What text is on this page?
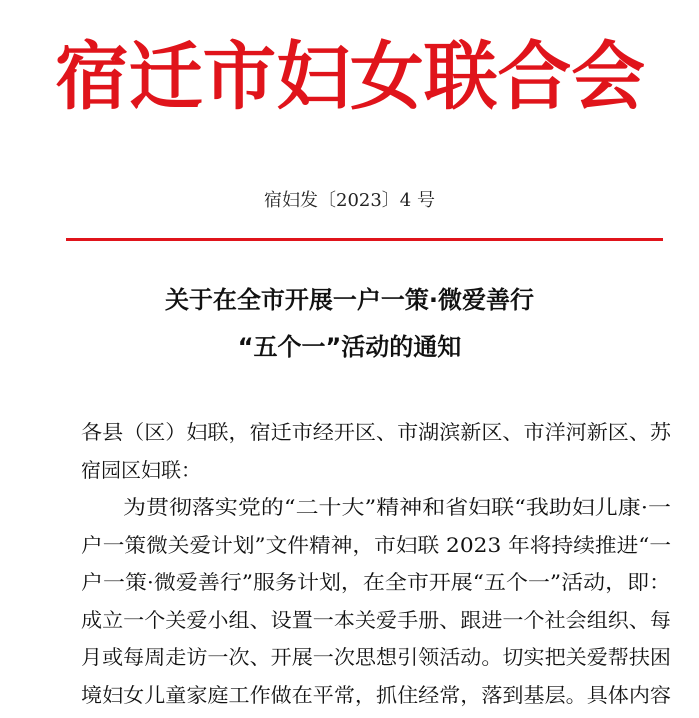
宿迁市妇女联合会
宿妇发〔2023〕4 号
关于在全市开展一户一策·微爱善行
“五个一”活动的通知
各县（区）妇联，宿迁市经开区、市湖滨新区、市洋河新区、苏
宿园区妇联：
为贯彻落实党的“二十大”精神和省妇联“我助妇儿康·一
户一策微关爱计划”文件精神，市妇联 2023 年将持续推进“一
户一策·微爱善行”服务计划，在全市开展“五个一”活动，即：
成立一个关爱小组、设置一本关爱手册、跟进一个社会组织、每
月或每周走访一次、开展一次思想引领活动。切实把关爱帮扶困
境妇女儿童家庭工作做在平常，抓住经常，落到基层。具体内容
